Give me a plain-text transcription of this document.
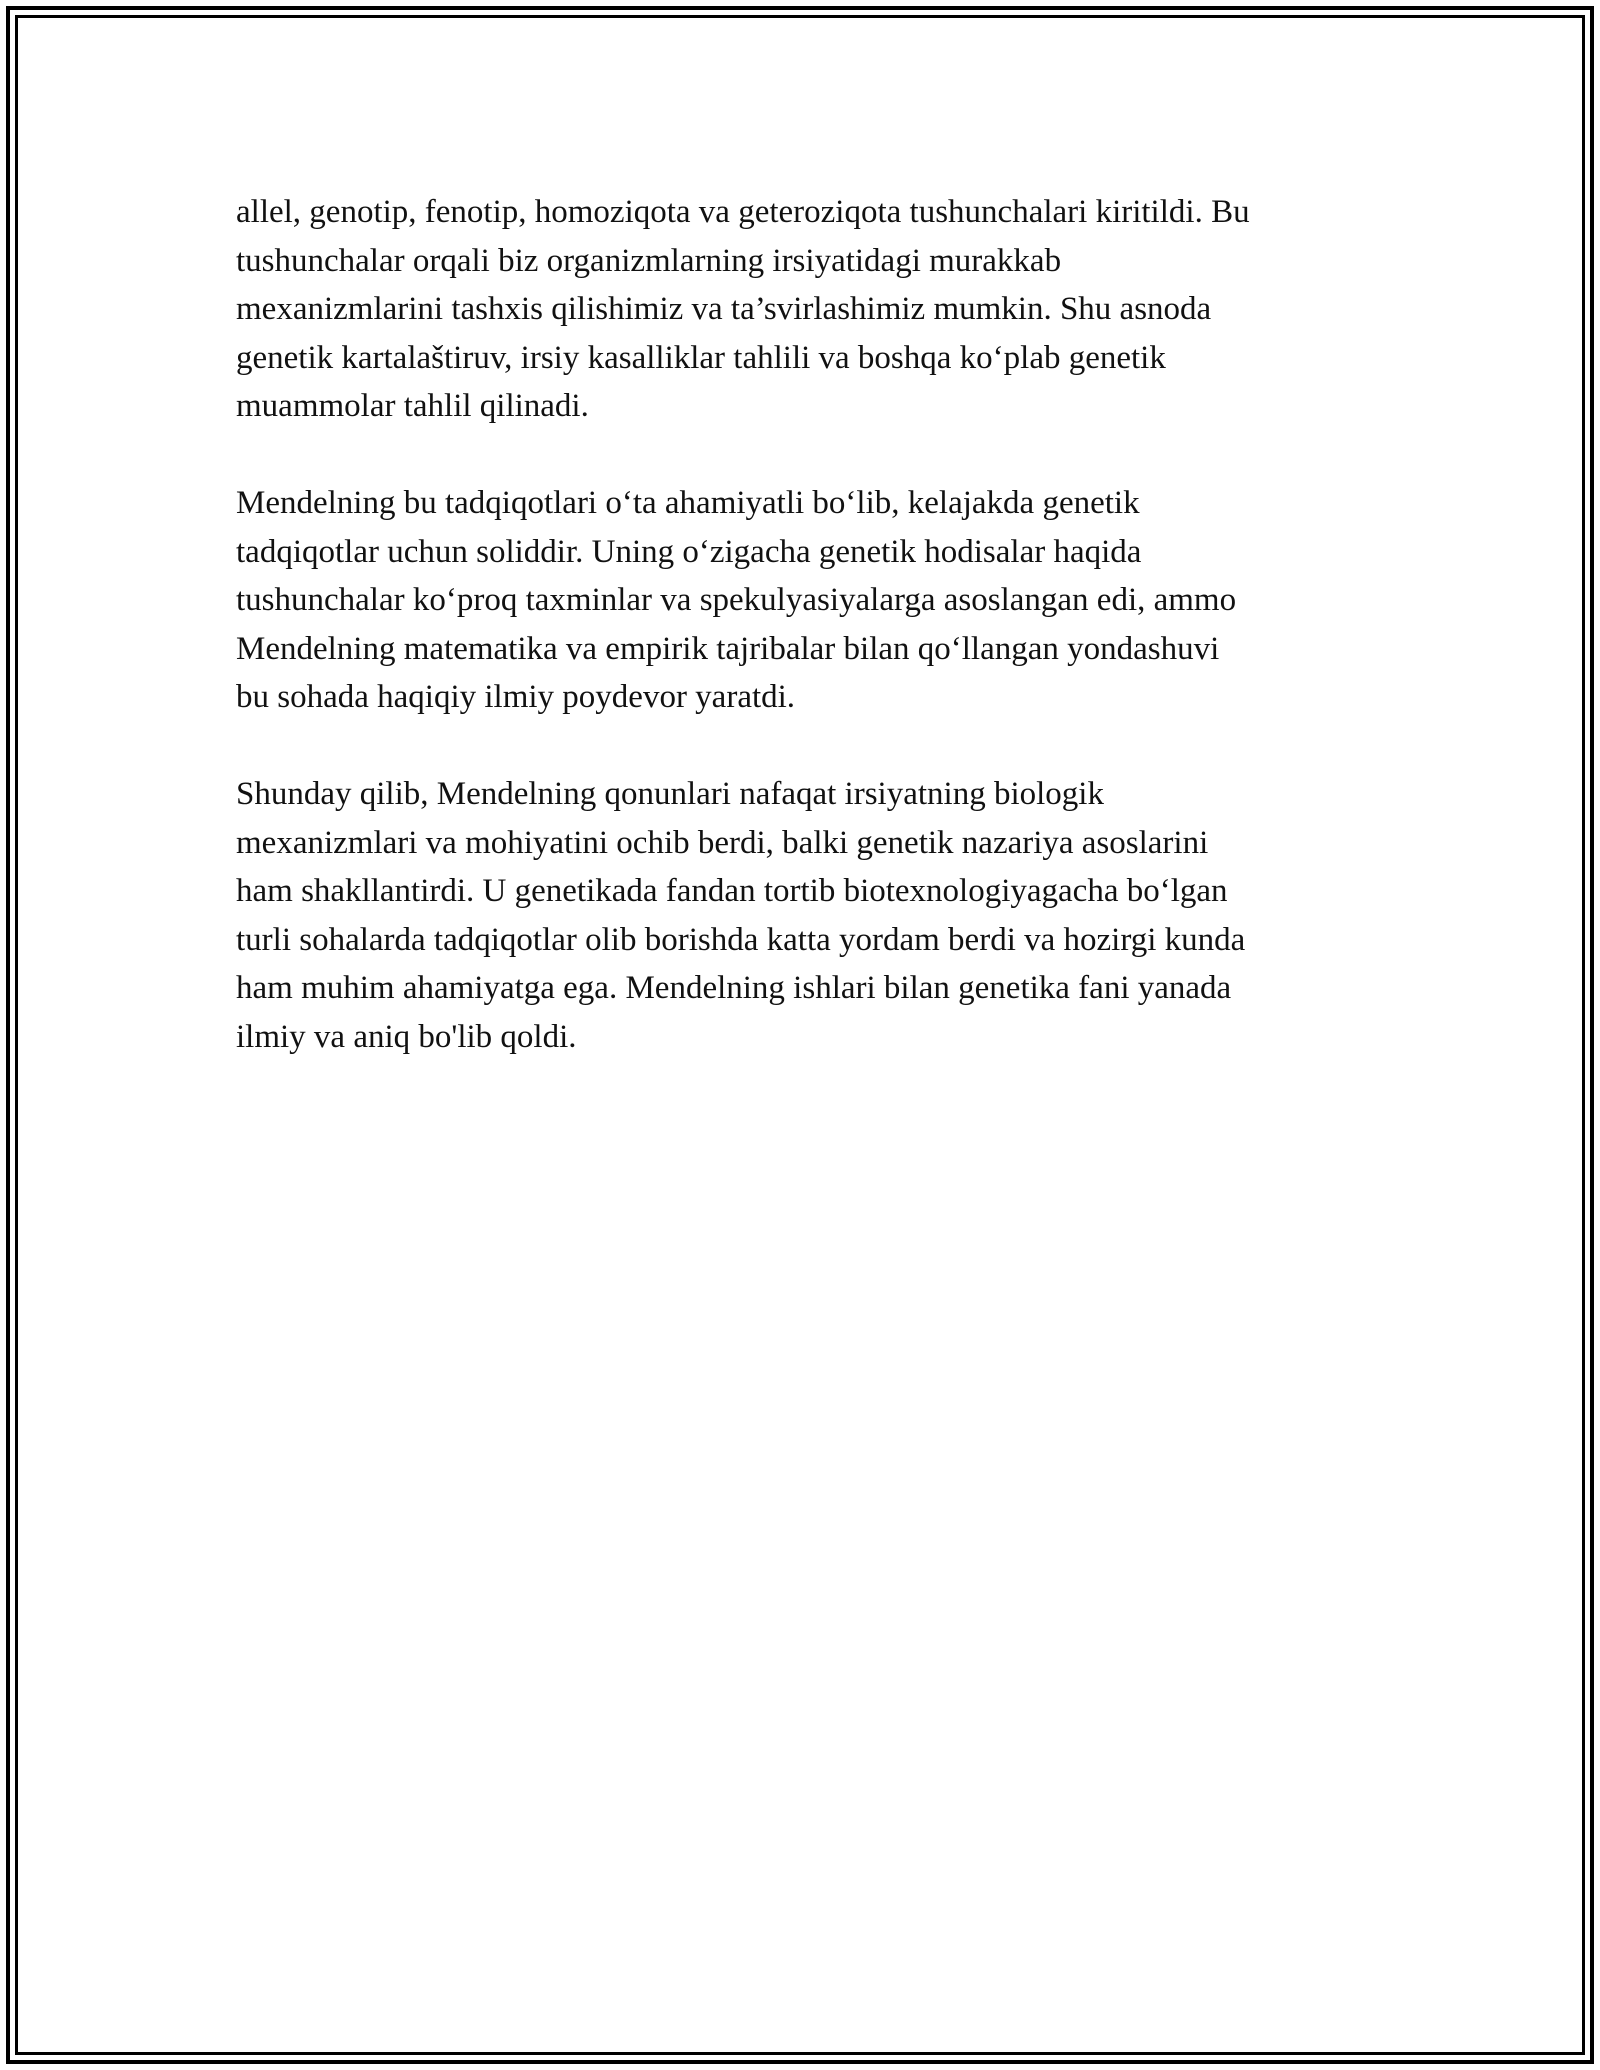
allel, genotip, fenotip, homoziqota va geteroziqota tushunchalari kiritildi. Bu
tushunchalar orqali biz organizmlarning irsiyatidagi murakkab
mexanizmlarini tashxis qilishimiz va ta’svirlashimiz mumkin. Shu asnoda
genetik kartalaštiruv, irsiy kasalliklar tahlili va boshqa ko‘plab genetik
muammolar tahlil qilinadi.

Mendelning bu tadqiqotlari o‘ta ahamiyatli bo‘lib, kelajakda genetik
tadqiqotlar uchun soliddir. Uning o‘zigacha genetik hodisalar haqida
tushunchalar ko‘proq taxminlar va spekulyasiyalarga asoslangan edi, ammo
Mendelning matematika va empirik tajribalar bilan qo‘llangan yondashuvi
bu sohada haqiqiy ilmiy poydevor yaratdi.

Shunday qilib, Mendelning qonunlari nafaqat irsiyatning biologik
mexanizmlari va mohiyatini ochib berdi, balki genetik nazariya asoslarini
ham shakllantirdi. U genetikada fandan tortib biotexnologiyagacha bo‘lgan
turli sohalarda tadqiqotlar olib borishda katta yordam berdi va hozirgi kunda
ham muhim ahamiyatga ega. Mendelning ishlari bilan genetika fani yanada
ilmiy va aniq bo'lib qoldi.
